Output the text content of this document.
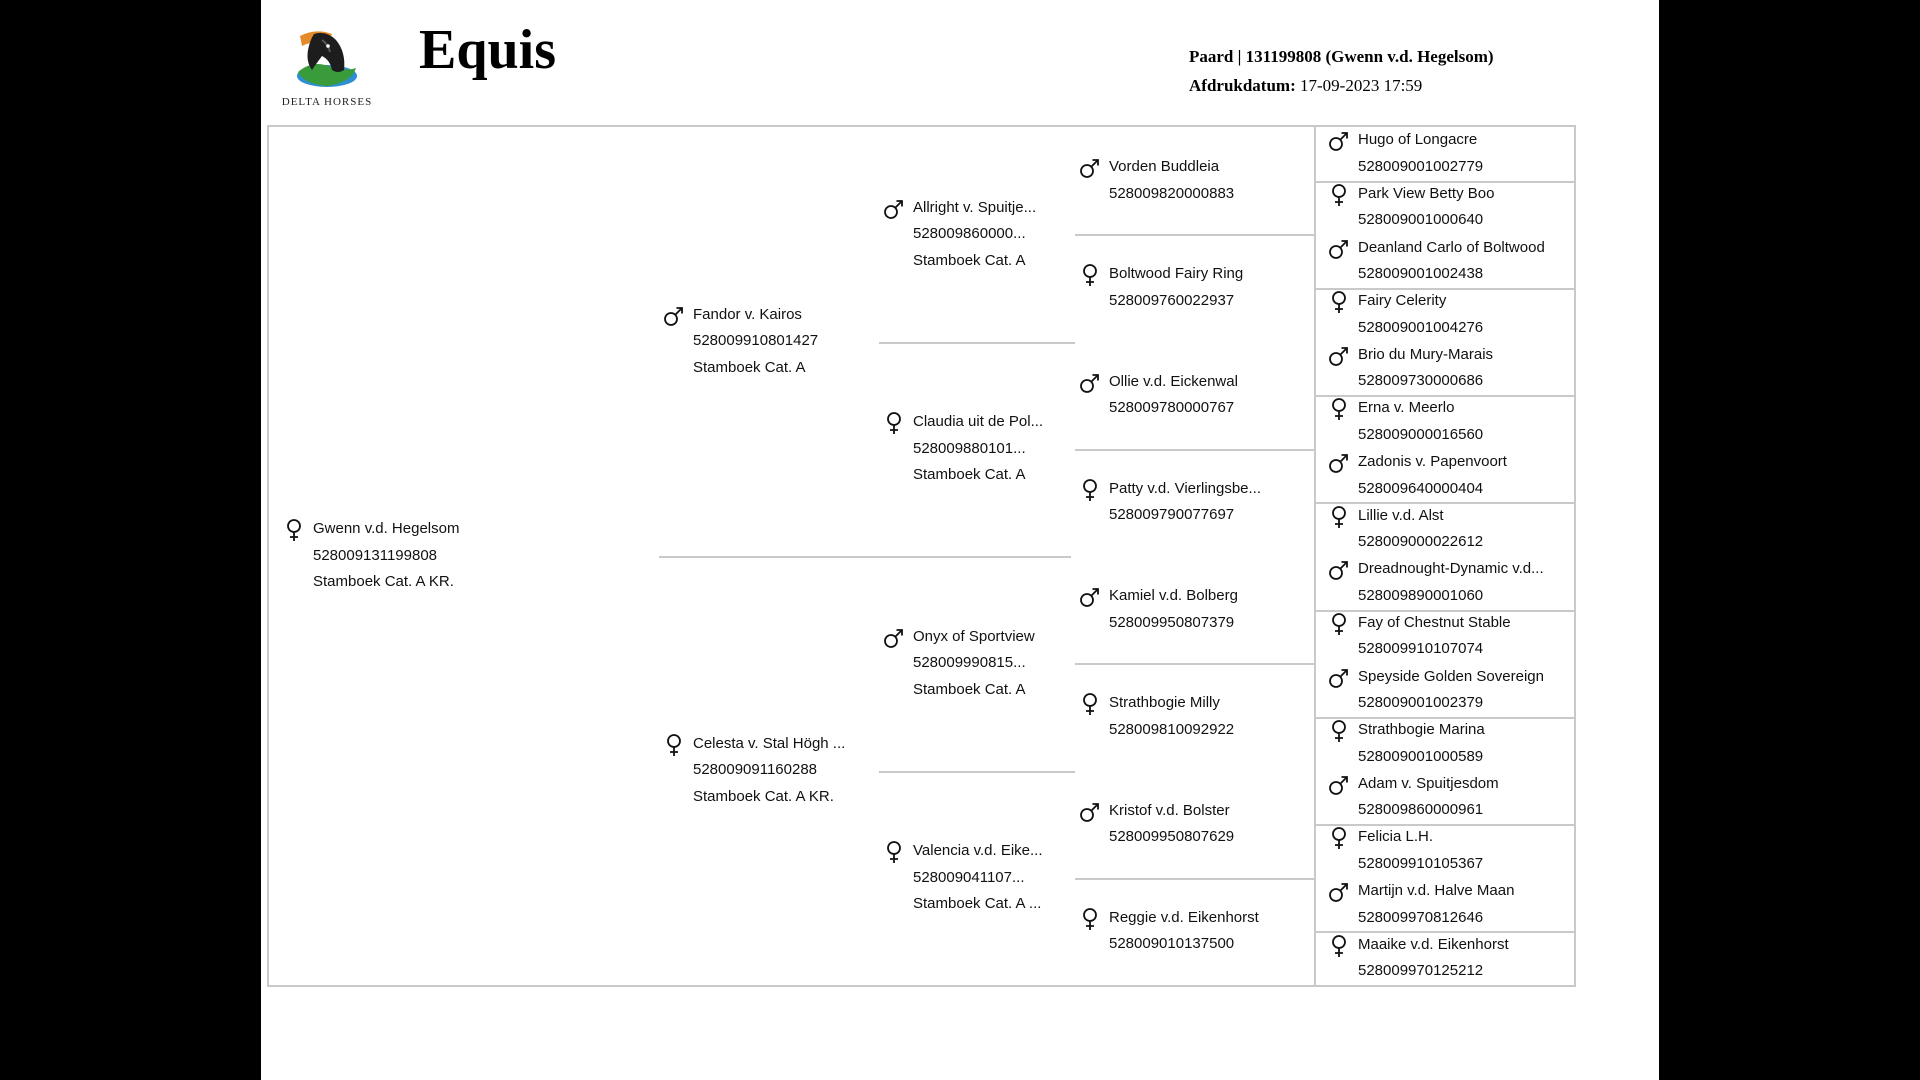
DELTA HORSES
Equis	Paard | 131199808 (Gwenn v.d. Hegelsom)
Afdrukdatum: 17-09-2023 17:59
Gwenn v.d. Hegelsom
528009131199808
Stamboek Cat. A KR.
Fandor v. Kairos
528009910801427
Stamboek Cat. A
Celesta v. Stal Högh ...
528009091160288
Stamboek Cat. A KR.
Allright v. Spuitje...
528009860000...
Stamboek Cat. A
Claudia uit de Pol...
528009880101...
Stamboek Cat. A
Onyx of Sportview
528009990815...
Stamboek Cat. A
Valencia v.d. Eike...
528009041107...
Stamboek Cat. A ...
Vorden Buddleia
528009820000883
Boltwood Fairy Ring
528009760022937
Ollie v.d. Eickenwal
528009780000767
Patty v.d. Vierlingsbe...
528009790077697
Kamiel v.d. Bolberg
528009950807379
Strathbogie Milly
528009810092922
Kristof v.d. Bolster
528009950807629
Reggie v.d. Eikenhorst
528009010137500
Hugo of Longacre
528009001002779
Park View Betty Boo
528009001000640
Deanland Carlo of Boltwood
528009001002438
Fairy Celerity
528009001004276
Brio du Mury-Marais
528009730000686
Erna v. Meerlo
528009000016560
Zadonis v. Papenvoort
528009640000404
Lillie v.d. Alst
528009000022612
Dreadnought-Dynamic v.d...
528009890001060
Fay of Chestnut Stable
528009910107074
Speyside Golden Sovereign
528009001002379
Strathbogie Marina
528009001000589
Adam v. Spuitjesdom
528009860000961
Felicia L.H.
528009910105367
Martijn v.d. Halve Maan
528009970812646
Maaike v.d. Eikenhorst
528009970125212
